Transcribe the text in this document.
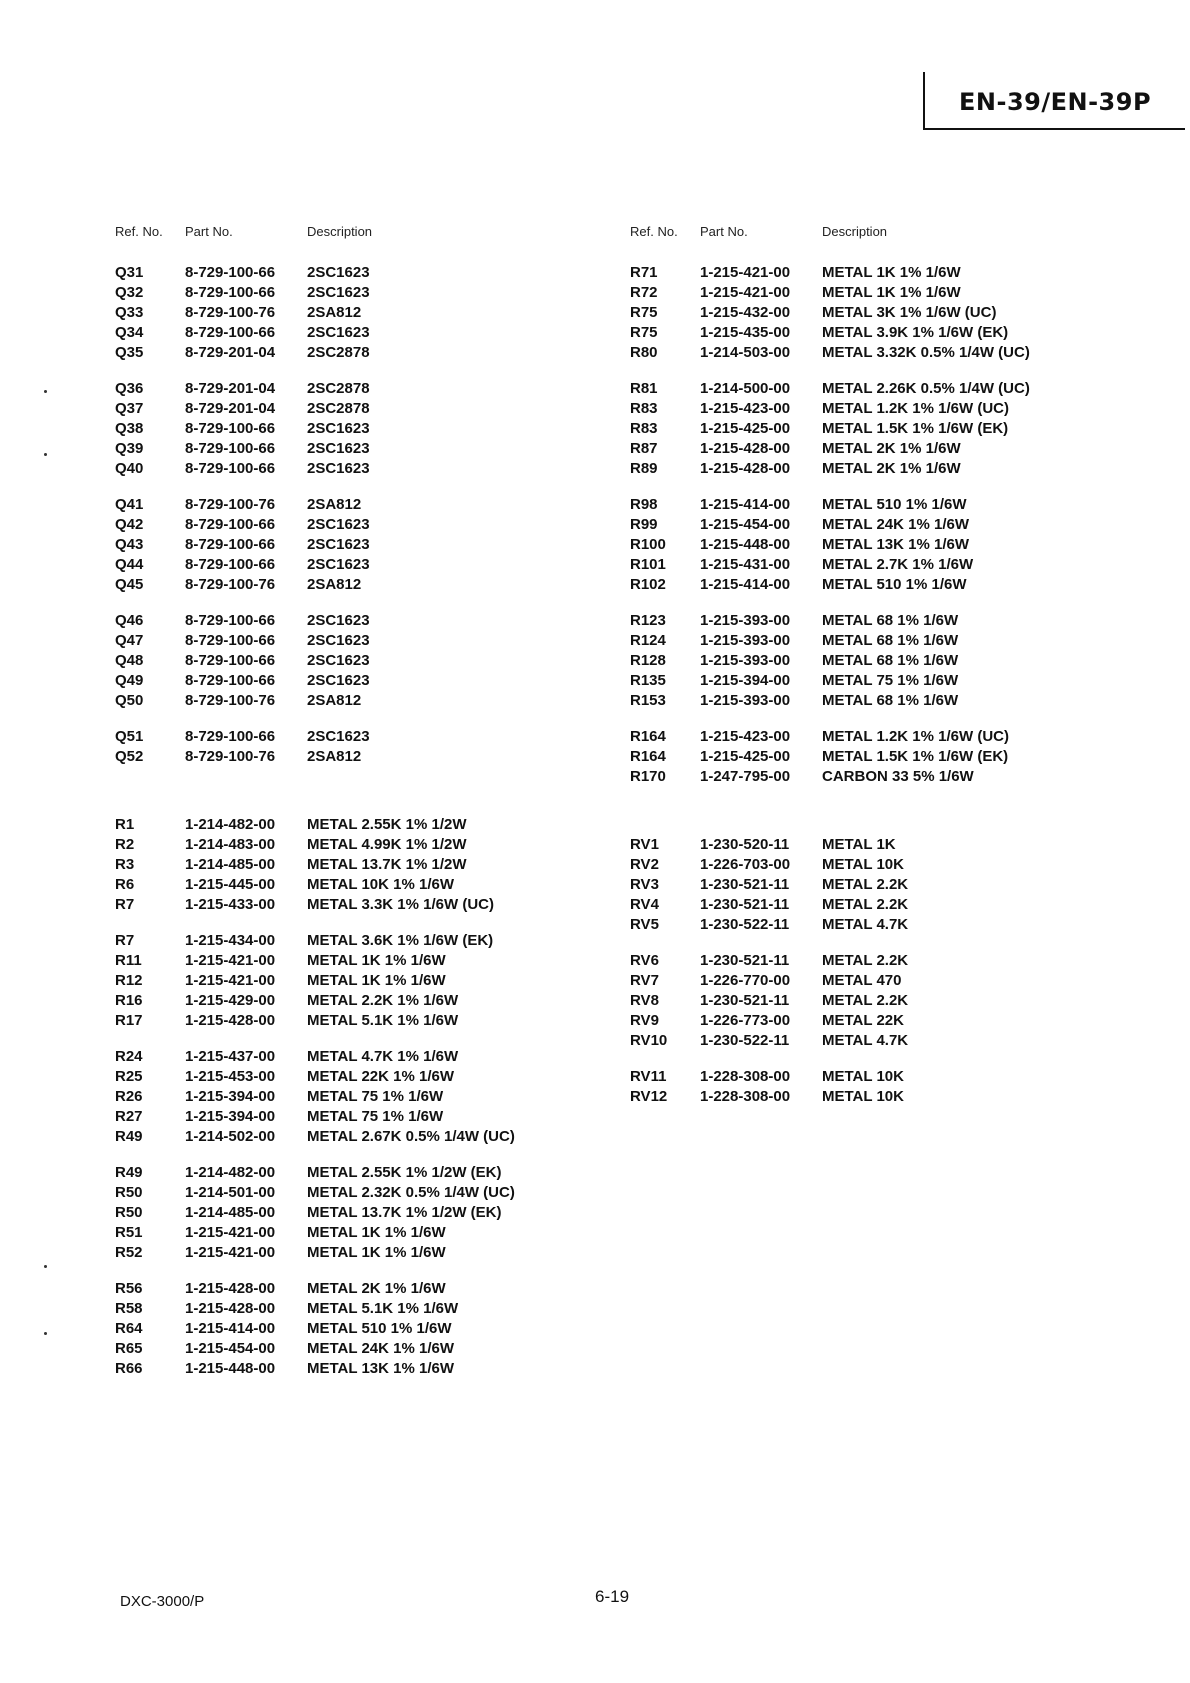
EN-39/EN-39P
Ref. No. Part No.	Description
Q31	8-729-100-66 2SC1623
Q32	8-729-100-66 2SC1623
Q33	8-729-100-76 2SA812
Q34	8-729-100-66 2SC1623
Q35	8-729-201-04 2SC2878
Q36	8-729-201-04 2SC2878
Q37	8-729-201-04 2SC2878
Q38	8-729-100-66 2SC1623
Q39	8-729-100-66 2SC1623
Q40	8-729-100-66 2SC1623
Q41	8-729-100-76 2SA812
Q42	8-729-100-66 2SC1623
Q43	8-729-100-66 2SC1623
Q44	8-729-100-66 2SC1623
Q45	8-729-100-76 2SA812
Q46	8-729-100-66 2SC1623
Q47	8-729-100-66 2SC1623
Q48	8-729-100-66 2SC1623
Q49	8-729-100-66 2SC1623
Q50	8-729-100-76 2SA812
Q51	8-729-100-66 2SC1623
Q52	8-729-100-76 2SA812
R1	1-214-482-00 METAL 2.55K 1% 1/2W
R2	1-214-483-00 METAL 4.99K 1% 1/2W
R3	1-214-485-00 METAL 13.7K 1% 1/2W
R6	1-215-445-00 METAL 10K 1% 1/6W
R7	1-215-433-00 METAL 3.3K 1% 1/6W (UC)
R7	1-215-434-00 METAL 3.6K 1% 1/6W (EK)
R11	1-215-421-00 METAL 1K 1% 1/6W
R12	1-215-421-00 METAL 1K 1% 1/6W
R16	1-215-429-00 METAL 2.2K 1% 1/6W
R17	1-215-428-00 METAL 5.1K 1% 1/6W
R24	1-215-437-00 METAL 4.7K 1% 1/6W
R25	1-215-453-00 METAL 22K 1% 1/6W
R26	1-215-394-00 METAL 75 1% 1/6W
R27	1-215-394-00 METAL 75 1% 1/6W
R49	1-214-502-00 METAL 2.67K 0.5% 1/4W (UC)
R49	1-214-482-00 METAL 2.55K 1% 1/2W (EK)
R50	1-214-501-00 METAL 2.32K 0.5% 1/4W (UC)
R50	1-214-485-00 METAL 13.7K 1% 1/2W (EK)
R51	1-215-421-00 METAL 1K 1% 1/6W
R52	1-215-421-00 METAL 1K 1% 1/6W
R56	1-215-428-00 METAL 2K 1% 1/6W
R58	1-215-428-00 METAL 5.1K 1% 1/6W
R64	1-215-414-00 METAL 510 1% 1/6W
R65	1-215-454-00 METAL 24K 1% 1/6W
R66	1-215-448-00 METAL 13K 1% 1/6W
Ref. No. Part No.	Description
R71	1-215-421-00 METAL 1K 1% 1/6W
R72	1-215-421-00 METAL 1K 1% 1/6W
R75	1-215-432-00 METAL 3K 1% 1/6W (UC)
R75	1-215-435-00 METAL 3.9K 1% 1/6W (EK)
R80	1-214-503-00 METAL 3.32K 0.5% 1/4W (UC)
R81	1-214-500-00 METAL 2.26K 0.5% 1/4W (UC)
R83	1-215-423-00 METAL 1.2K 1% 1/6W (UC)
R83	1-215-425-00 METAL 1.5K 1% 1/6W (EK)
R87	1-215-428-00 METAL 2K 1% 1/6W
R89	1-215-428-00 METAL 2K 1% 1/6W
R98	1-215-414-00 METAL 510 1% 1/6W
R99	1-215-454-00 METAL 24K 1% 1/6W
R100 1-215-448-00 METAL 13K 1% 1/6W
R101 1-215-431-00 METAL 2.7K 1% 1/6W
R102 1-215-414-00 METAL 510 1% 1/6W
R123 1-215-393-00 METAL 68 1% 1/6W
R124 1-215-393-00 METAL 68 1% 1/6W
R128 1-215-393-00 METAL 68 1% 1/6W
R135 1-215-394-00 METAL 75 1% 1/6W
R153 1-215-393-00 METAL 68 1% 1/6W
R164 1-215-423-00 METAL 1.2K 1% 1/6W (UC)
R164 1-215-425-00 METAL 1.5K 1% 1/6W (EK)
R170 1-247-795-00 CARBON 33 5% 1/6W
RV1	1-230-520-11 METAL 1K
RV2	1-226-703-00 METAL 10K
RV3	1-230-521-11 METAL 2.2K
RV4	1-230-521-11 METAL 2.2K
RV5	1-230-522-11 METAL 4.7K
RV6	1-230-521-11 METAL 2.2K
RV7	1-226-770-00 METAL 470
RV8	1-230-521-11 METAL 2.2K
RV9	1-226-773-00 METAL 22K
RV10 1-230-522-11 METAL 4.7K
RV11 1-228-308-00 METAL 10K
RV12 1-228-308-00 METAL 10K
DXC-3000/P	6-19
